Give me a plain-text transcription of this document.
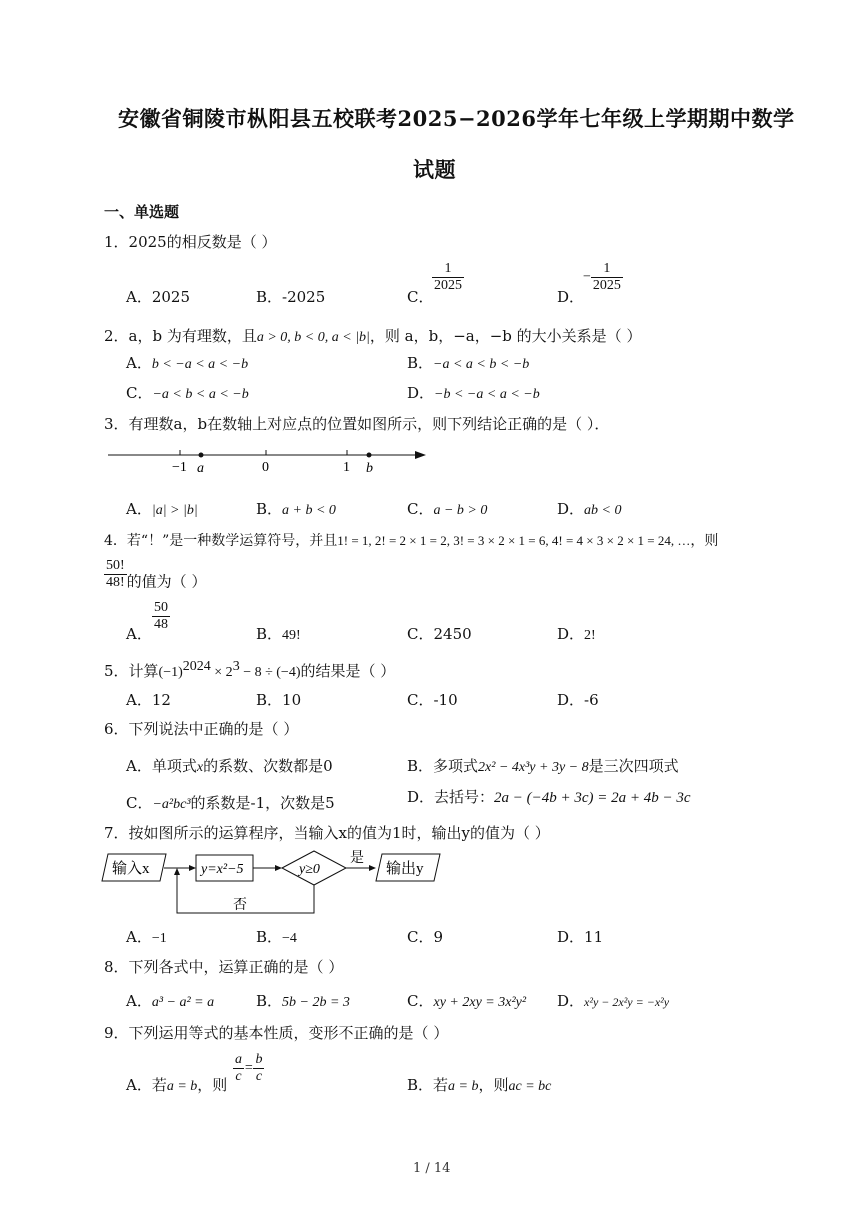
安徽省铜陵市枞阳县五校联考2025−2026学年七年级上学期期中数学
试题
一、单选题
1．2025的相反数是（ ）
A．2025	B．-2025	C．
$\frac{1}{2025}$
D．
− $\frac{1}{2025}$
2．a，b 为有理数，且a > 0, b < 0, a < |b|，则 a，b，−a，−b 的大小关系是（ ）
A．b < −a < a < −b	B．−a < a < b < −b
C．−a < b < a < −b	D．−b < −a < a < −b
3．有理数a，b在数轴上对应点的位置如图所示，则下列结论正确的是（ ）．
−1 a	0	1 b
A．|a| > |b|	B．a + b < 0	C．a − b > 0	D．ab < 0
4．若“！”是一种数学运算符号，并且1! = 1, 2! = 2 × 1 = 2, 3! = 3 × 2 × 1 = 6, 4! = 4 × 3 × 2 × 1 = 24, …，则
$\frac{50!}{48!}$ 的值为（ ）
A．
$\frac{50}{48}$
B．49!	C．2450	D．2!
5．计算$(-1)^{2024} \times 2^3 - 8 \div (-4)$的结果是（ ）
A．12	B．10	C．-10	D．-6
6．下列说法中正确的是（ ）
A．单项式x的系数、次数都是0	B．多项式2x² − 4x³y + 3y − 8是三次四项式
C．−a²bc³的系数是-1，次数是5	D．去括号：2a − (−4b + 3c) = 2a + 4b − 3c
7．按如图所示的运算程序，当输入x的值为1时，输出y的值为（ ）
输入x	y=x²−5	y≥0
是
输出y
否
A．−1	B．−4	C．9	D．11
8．下列各式中，运算正确的是（ ）
A．a³ − a² = a	B．5b − 2b = 3	C．xy + 2xy = 3x²y² D．x²y − 2x²y = −x²y
9．下列运用等式的基本性质，变形不正确的是（ ）
A．若a = b，则 $\frac{a}{c} = \frac{b}{c}$	B．若a = b，则ac = bc
1 / 14
